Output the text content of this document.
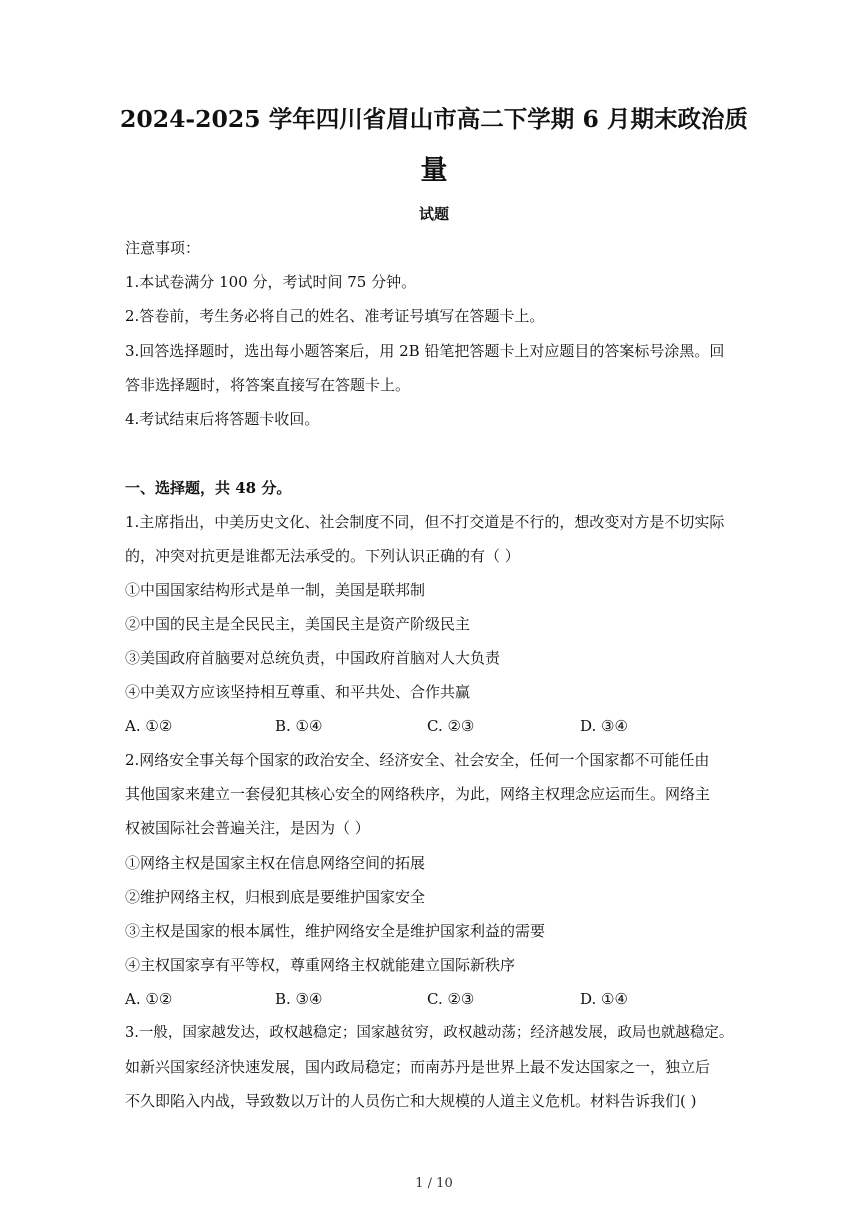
2024-2025 学年四川省眉山市高二下学期 6 月期末政治质
量
试题
注意事项：
1.本试卷满分 100 分，考试时间 75 分钟。
2.答卷前，考生务必将自己的姓名、准考证号填写在答题卡上。
3.回答选择题时，选出每小题答案后，用 2B 铅笔把答题卡上对应题目的答案标号涂黑。回
答非选择题时，将答案直接写在答题卡上。
4.考试结束后将答题卡收回。
一、选择题，共 48 分。
1.主席指出，中美历史文化、社会制度不同，但不打交道是不行的，想改变对方是不切实际
的，冲突对抗更是谁都无法承受的。下列认识正确的有（ ）
①中国国家结构形式是单一制，美国是联邦制
②中国的民主是全民民主，美国民主是资产阶级民主
③美国政府首脑要对总统负责，中国政府首脑对人大负责
④中美双方应该坚持相互尊重、和平共处、合作共赢
A. ①②	B. ①④	C. ②③	D. ③④
2.网络安全事关每个国家的政治安全、经济安全、社会安全，任何一个国家都不可能任由
其他国家来建立一套侵犯其核心安全的网络秩序，为此，网络主权理念应运而生。网络主
权被国际社会普遍关注，是因为（ ）
①网络主权是国家主权在信息网络空间的拓展
②维护网络主权，归根到底是要维护国家安全
③主权是国家的根本属性，维护网络安全是维护国家利益的需要
④主权国家享有平等权，尊重网络主权就能建立国际新秩序
A. ①②	B. ③④	C. ②③	D. ①④
3.一般，国家越发达，政权越稳定；国家越贫穷，政权越动荡；经济越发展，政局也就越稳定。
如新兴国家经济快速发展，国内政局稳定；而南苏丹是世界上最不发达国家之一，独立后
不久即陷入内战，导致数以万计的人员伤亡和大规模的人道主义危机。材料告诉我们( )
1 / 10
